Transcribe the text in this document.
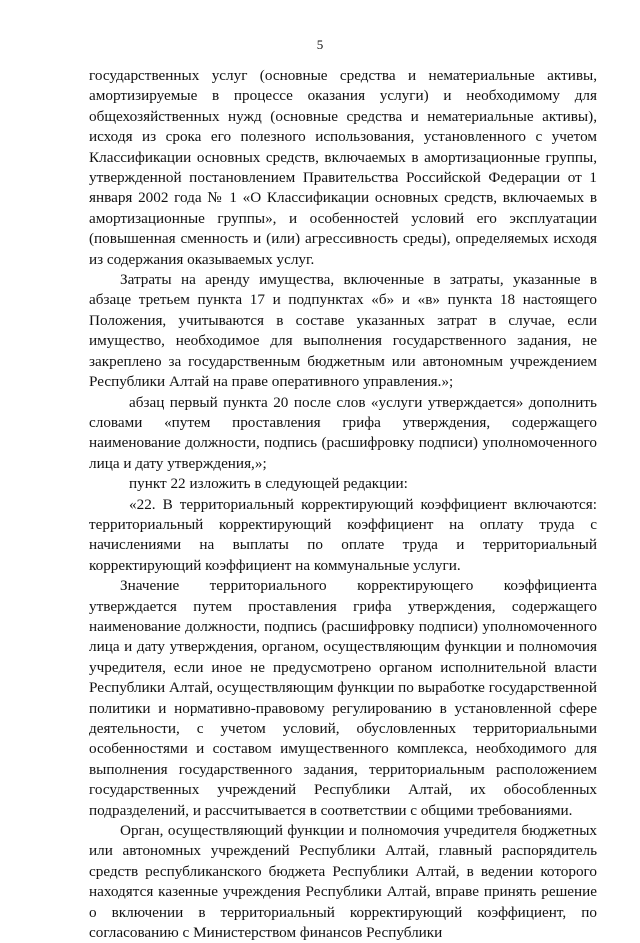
5

государственных услуг (основные средства и нематериальные активы, амортизируемые в процессе оказания услуги) и необходимому для общехозяйственных нужд (основные средства и нематериальные активы), исходя из срока его полезного использования, установленного с учетом Классификации основных средств, включаемых в амортизационные группы, утвержденной постановлением Правительства Российской Федерации от 1 января 2002 года № 1 «О Классификации основных средств, включаемых в амортизационные группы», и особенностей условий его эксплуатации (повышенная сменность и (или) агрессивность среды), определяемых исходя из содержания оказываемых услуг.

Затраты на аренду имущества, включенные в затраты, указанные в абзаце третьем пункта 17 и подпунктах «б» и «в» пункта 18 настоящего Положения, учитываются в составе указанных затрат в случае, если имущество, необходимое для выполнения государственного задания, не закреплено за государственным бюджетным или автономным учреждением Республики Алтай на праве оперативного управления.»;

абзац первый пункта 20 после слов «услуги утверждается» дополнить словами «путем проставления грифа утверждения, содержащего наименование должности, подпись (расшифровку подписи) уполномоченного лица и дату утверждения,»;

пункт 22 изложить в следующей редакции:

«22. В территориальный корректирующий коэффициент включаются: территориальный корректирующий коэффициент на оплату труда с начислениями на выплаты по оплате труда и территориальный корректирующий коэффициент на коммунальные услуги.

Значение территориального корректирующего коэффициента утверждается путем проставления грифа утверждения, содержащего наименование должности, подпись (расшифровку подписи) уполномоченного лица и дату утверждения, органом, осуществляющим функции и полномочия учредителя, если иное не предусмотрено органом исполнительной власти Республики Алтай, осуществляющим функции по выработке государственной политики и нормативно-правовому регулированию в установленной сфере деятельности, с учетом условий, обусловленных территориальными особенностями и составом имущественного комплекса, необходимого для выполнения государственного задания, территориальным расположением государственных учреждений Республики Алтай, их обособленных подразделений, и рассчитывается в соответствии с общими требованиями.

Орган, осуществляющий функции и полномочия учредителя бюджетных или автономных учреждений Республики Алтай, главный распорядитель средств республиканского бюджета Республики Алтай, в ведении которого находятся казенные учреждения Республики Алтай, вправе принять решение о включении в территориальный корректирующий коэффициент, по согласованию с Министерством финансов Республики
